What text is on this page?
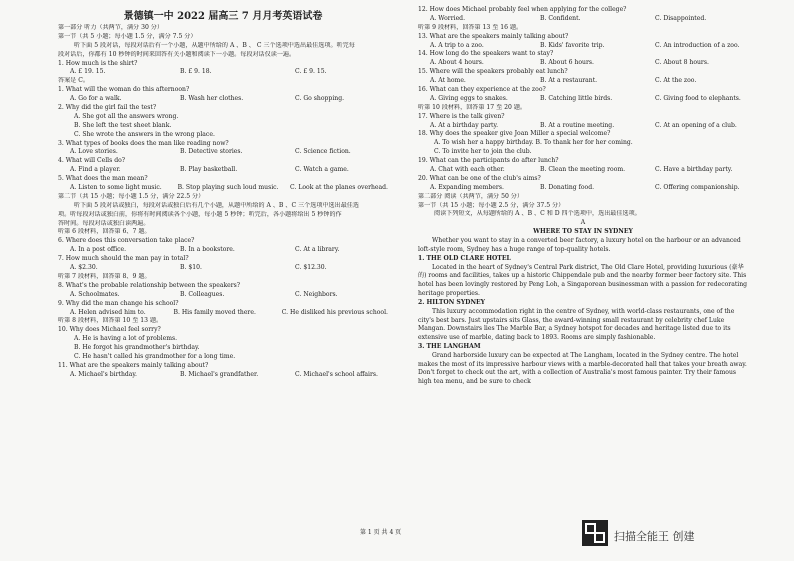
景德镇一中 2022 届高三 7 月月考英语试卷
第一部分 听力（共两节，满分 30 分）
第一节（共 5 小题；每小题 1.5 分，满分 7.5 分）
听下面 5 段对话，每段对话后有一个小题，从题中所给的 A 、B 、 C 三个选项中选出最佳选项。听完每
段对话后，你都有 10 秒钟的时间来回答有关小题和阅读下一小题。每段对话仅读一遍。
1. How much is the shirt?
A. £ 19. 15.	B. £ 9. 18.	C. £ 9. 15.
答案是 C。
1. What will the woman do this afternoon?
A. Go for a walk.	B. Wash her clothes.	C. Go shopping.
2. Why did the girl fail the test?
A. She got all the answers wrong.
B. She left the test sheet blank.
C. She wrote the answers in the wrong place.
3. What types of books does the man like reading now?
A. Love stories.	B. Detective stories.	C. Science fiction.
4. What will Cells do?
A. Find a player.	B. Play basketball.	C. Watch a game.
5. What does the man mean?
A. Listen to some light music.	B. Stop playing such loud music.	C. Look at the planes overhead.
第二节（共 15 小题；每小题 1.5 分，满分 22.5 分）
听下面 5 段对话或独白，每段对话或独白后有几个小题，从题中所给的 A 、B 、C 三个选项中选出最佳选
项。听每段对话或独白前，你将有时间阅读各个小题，每小题 5 秒钟；听完后，各小题将给出 5 秒钟的作
答时间。每段对话或独白读两遍。
听第 6 段材料，回答第 6、7 题。
6. Where does this conversation take place?
A. In a post office.	B. In a bookstore.	C. At a library.
7. How much should the man pay in total?
A. $2.30.	B. $10.	C. $12.30.
听第 7 段材料，回答第 8、9 题。
8. What's the probable relationship between the speakers?
A. Schoolmates.	B. Colleagues.	C. Neighbors.
9. Why did the man change his school?
A. Helen advised him to.	B. His family moved there.	C. He disliked his previous school.
听第 8 段材料，回答第 10 至 13 题。
10. Why does Michael feel sorry?
A. He is having a lot of problems.
B. He forgot his grandmother's birthday.
C. He hasn't called his grandmother for a long time.
11. What are the speakers mainly talking about?
A. Michael's birthday.	B. Michael's grandfather.	C. Michael's school affairs.
12. How does Michael probably feel when applying for the college?
A. Worried.	B. Confident.	C. Disappointed.
听第 9 段材料，回答第 13 至 16 题。
13. What are the speakers mainly talking about?
A. A trip to a zoo.	B. Kids' favorite trip.	C. An introduction of a zoo.
14. How long do the speakers want to stay?
A. About 4 hours.	B. About 6 hours.	C. About 8 hours.
15. Where will the speakers probably eat lunch?
A. At home.	B. At a restaurant.	C. At the zoo.
16. What can they experience at the zoo?
A. Giving eggs to snakes.	B. Catching little birds.	C. Giving food to elephants.
听第 10 段材料，回答第 17 至 20 题。
17. Where is the talk given?
A. At a birthday party.	B. At a routine meeting.	C. At an opening of a club.
18. Why does the speaker give Joan Miller a special welcome?
A. To wish her a happy birthday. B. To thank her for her coming.
C. To invite her to join the club.
19. What can the participants do after lunch?
A. Chat with each other.	B. Clean the meeting room.	C. Have a birthday party.
20. What can be one of the club's aims?
A. Expanding members.	B. Donating food.	C. Offering companionship.
第二部分 阅读（共两节，满分 50 分）
第一节（共 15 小题；每小题 2.5 分，满分 37.5 分）
阅读下列短文，从每题所给的 A 、B 、C 和 D 四个选项中，选出最佳选项。
A
WHERE TO STAY IN SYDNEY
Whether you want to stay in a converted beer factory, a luxury hotel on the harbour or an advanced loft-style room, Sydney has a huge range of top-quality hotels.
1. THE OLD CLARE HOTEL
Located in the heart of Sydney's Central Park district, The Old Clare Hotel, providing luxurious (豪华的) rooms and facilities, takes up a historic Chippendale pub and the nearby former beer factory site. This hotel has been lovingly restored by Peng Loh, a Singaporean businessman with a passion for redecorating heritage properties.
2. HILTON SYDNEY
This luxury accommodation right in the centre of Sydney, with world-class restaurants, one of the city's best bars. Just upstairs sits Glass, the award-winning small restaurant by celebrity chef Luke Mangan. Downstairs lies The Marble Bar, a Sydney hotspot for decades and heritage listed due to its extensive use of marble, dating back to 1893. Rooms are simply fashionable.
3. THE LANGHAM
Grand harborside luxury can be expected at The Langham, located in the Sydney centre. The hotel makes the most of its impressive harbour views with a marble-decorated hall that takes your breath away. Don't forget to check out the art, with a collection of Australia's most famous painter. Try their famous high tea menu, and be sure to check
第 1 页 共 4 页	扫描全能王 创建
